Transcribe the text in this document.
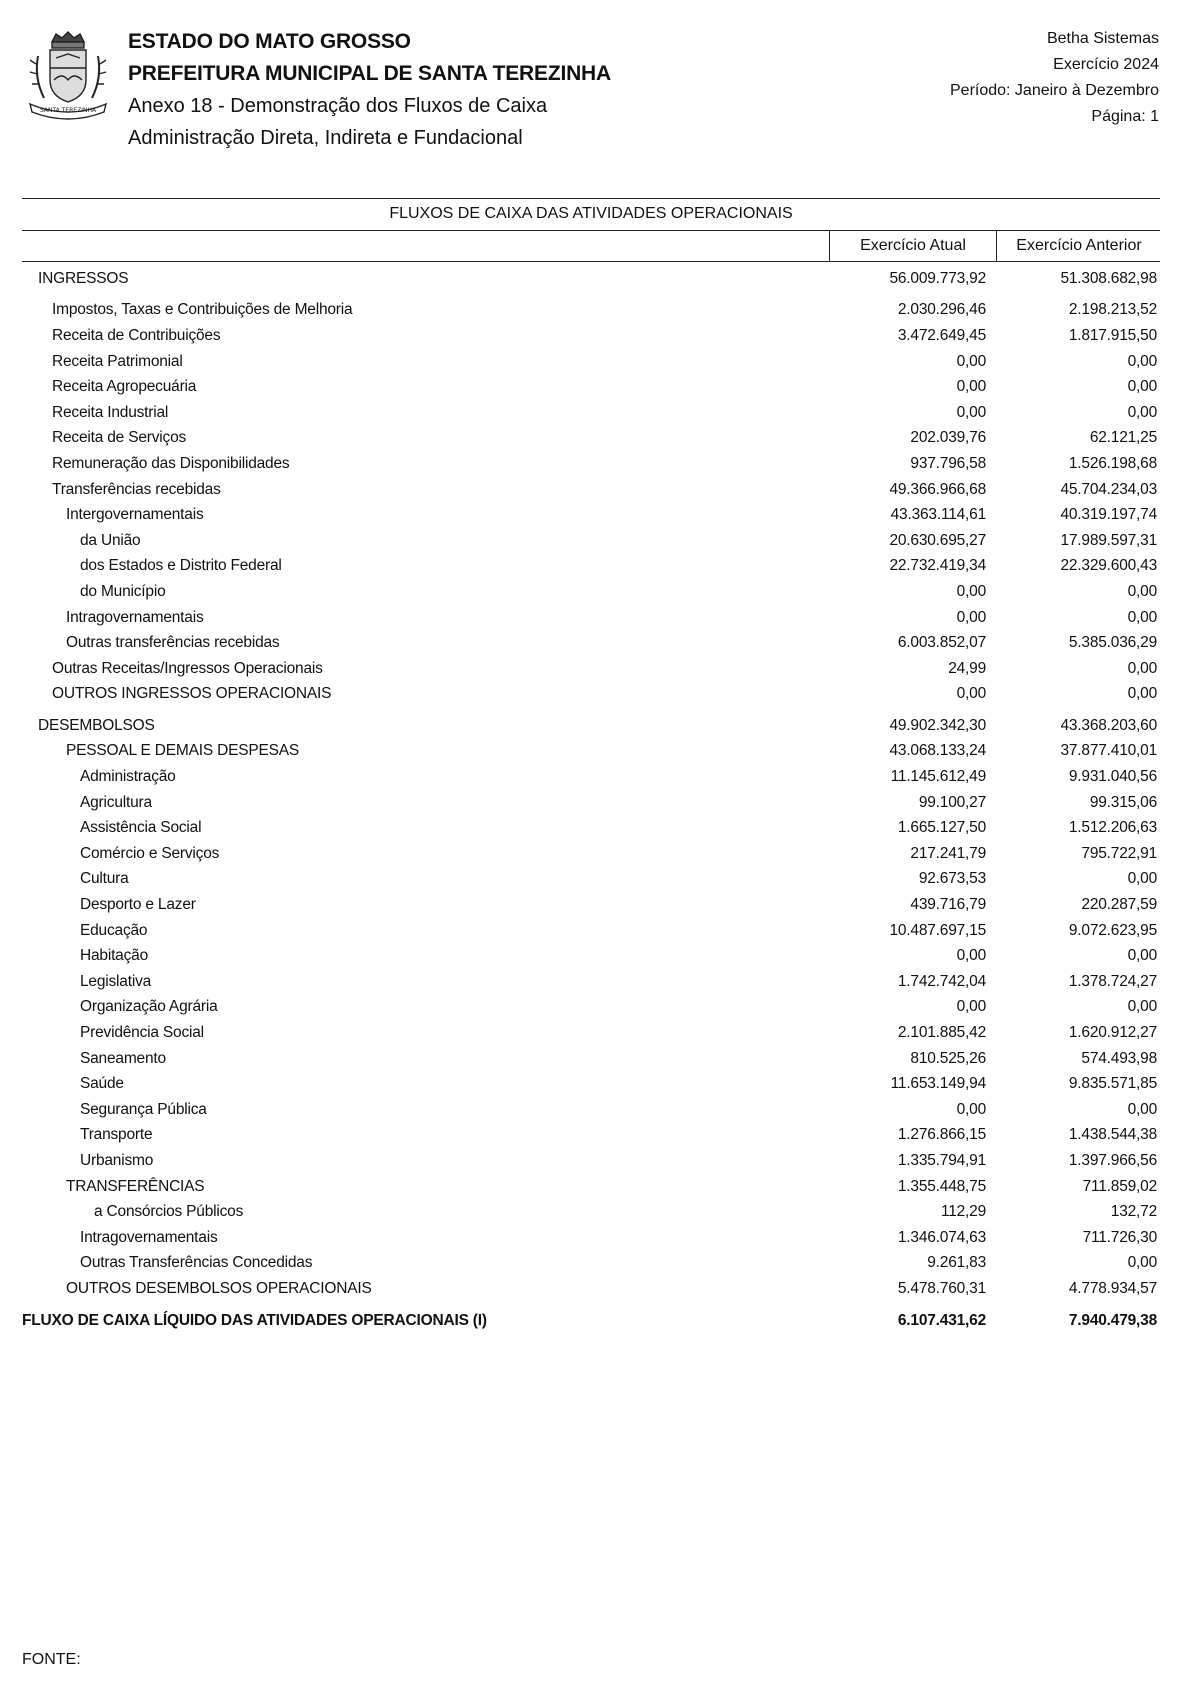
SANTA TEREZINHA
ESTADO DO MATO GROSSO
PREFEITURA MUNICIPAL DE SANTA TEREZINHA
Anexo 18 - Demonstração dos Fluxos de Caixa
Administração Direta, Indireta e Fundacional
Betha Sistemas
Exercício 2024
Período: Janeiro à Dezembro
Página: 1
FLUXOS DE CAIXA DAS ATIVIDADES OPERACIONAIS
Exercício Atual	Exercício Anterior
INGRESSOS	56.009.773,92	51.308.682,98
Impostos, Taxas e Contribuições de Melhoria	2.030.296,46	2.198.213,52
Receita de Contribuições	3.472.649,45	1.817.915,50
Receita Patrimonial	0,00	0,00
Receita Agropecuária	0,00	0,00
Receita Industrial	0,00	0,00
Receita de Serviços	202.039,76	62.121,25
Remuneração das Disponibilidades	937.796,58	1.526.198,68
Transferências recebidas	49.366.966,68	45.704.234,03
Intergovernamentais	43.363.114,61	40.319.197,74
da União	20.630.695,27	17.989.597,31
dos Estados e Distrito Federal	22.732.419,34	22.329.600,43
do Município	0,00	0,00
Intragovernamentais	0,00	0,00
Outras transferências recebidas	6.003.852,07	5.385.036,29
Outras Receitas/Ingressos Operacionais	24,99	0,00
OUTROS INGRESSOS OPERACIONAIS	0,00	0,00
DESEMBOLSOS	49.902.342,30	43.368.203,60
PESSOAL E DEMAIS DESPESAS	43.068.133,24	37.877.410,01
Administração	11.145.612,49	9.931.040,56
Agricultura	99.100,27	99.315,06
Assistência Social	1.665.127,50	1.512.206,63
Comércio e Serviços	217.241,79	795.722,91
Cultura	92.673,53	0,00
Desporto e Lazer	439.716,79	220.287,59
Educação	10.487.697,15	9.072.623,95
Habitação	0,00	0,00
Legislativa	1.742.742,04	1.378.724,27
Organização Agrária	0,00	0,00
Previdência Social	2.101.885,42	1.620.912,27
Saneamento	810.525,26	574.493,98
Saúde	11.653.149,94	9.835.571,85
Segurança Pública	0,00	0,00
Transporte	1.276.866,15	1.438.544,38
Urbanismo	1.335.794,91	1.397.966,56
TRANSFERÊNCIAS	1.355.448,75	711.859,02
a Consórcios Públicos	112,29	132,72
Intragovernamentais	1.346.074,63	711.726,30
Outras Transferências Concedidas	9.261,83	0,00
OUTROS DESEMBOLSOS OPERACIONAIS	5.478.760,31	4.778.934,57
FLUXO DE CAIXA LÍQUIDO DAS ATIVIDADES OPERACIONAIS (I)	6.107.431,62	7.940.479,38
FONTE:
